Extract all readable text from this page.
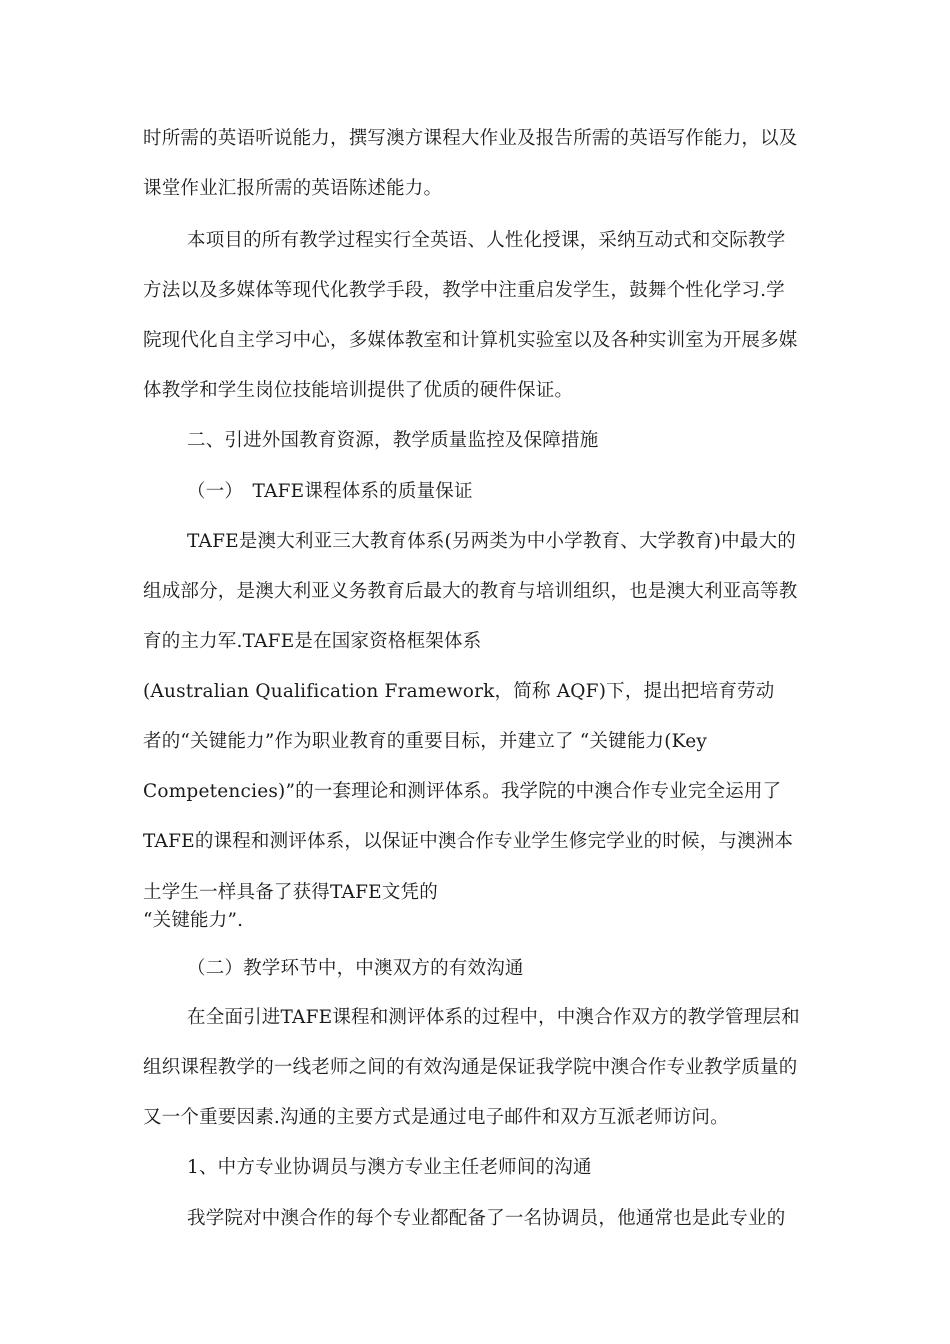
时所需的英语听说能力，撰写澳方课程大作业及报告所需的英语写作能力，以及
课堂作业汇报所需的英语陈述能力。
本项目的所有教学过程实行全英语、人性化授课，采纳互动式和交际教学
方法以及多媒体等现代化教学手段，教学中注重启发学生，鼓舞个性化学习.学
院现代化自主学习中心，多媒体教室和计算机实验室以及各种实训室为开展多媒
体教学和学生岗位技能培训提供了优质的硬件保证。
二、引进外国教育资源，教学质量监控及保障措施
（一）　TAFE课程体系的质量保证
TAFE是澳大利亚三大教育体系(另两类为中小学教育、大学教育)中最大的
组成部分，是澳大利亚义务教育后最大的教育与培训组织，也是澳大利亚高等教
育的主力军.TAFE是在国家资格框架体系
(Australian Qualification Framework，简称 AQF)下，提出把培育劳动
者的“关键能力”作为职业教育的重要目标，并建立了 “关键能力(Key
Competencies)”的一套理论和测评体系。我学院的中澳合作专业完全运用了
TAFE的课程和测评体系，以保证中澳合作专业学生修完学业的时候，与澳洲本
土学生一样具备了获得TAFE文凭的
“关键能力”.
（二）教学环节中，中澳双方的有效沟通
在全面引进TAFE课程和测评体系的过程中，中澳合作双方的教学管理层和
组织课程教学的一线老师之间的有效沟通是保证我学院中澳合作专业教学质量的
又一个重要因素.沟通的主要方式是通过电子邮件和双方互派老师访问。
1、中方专业协调员与澳方专业主任老师间的沟通
我学院对中澳合作的每个专业都配备了一名协调员，他通常也是此专业的
